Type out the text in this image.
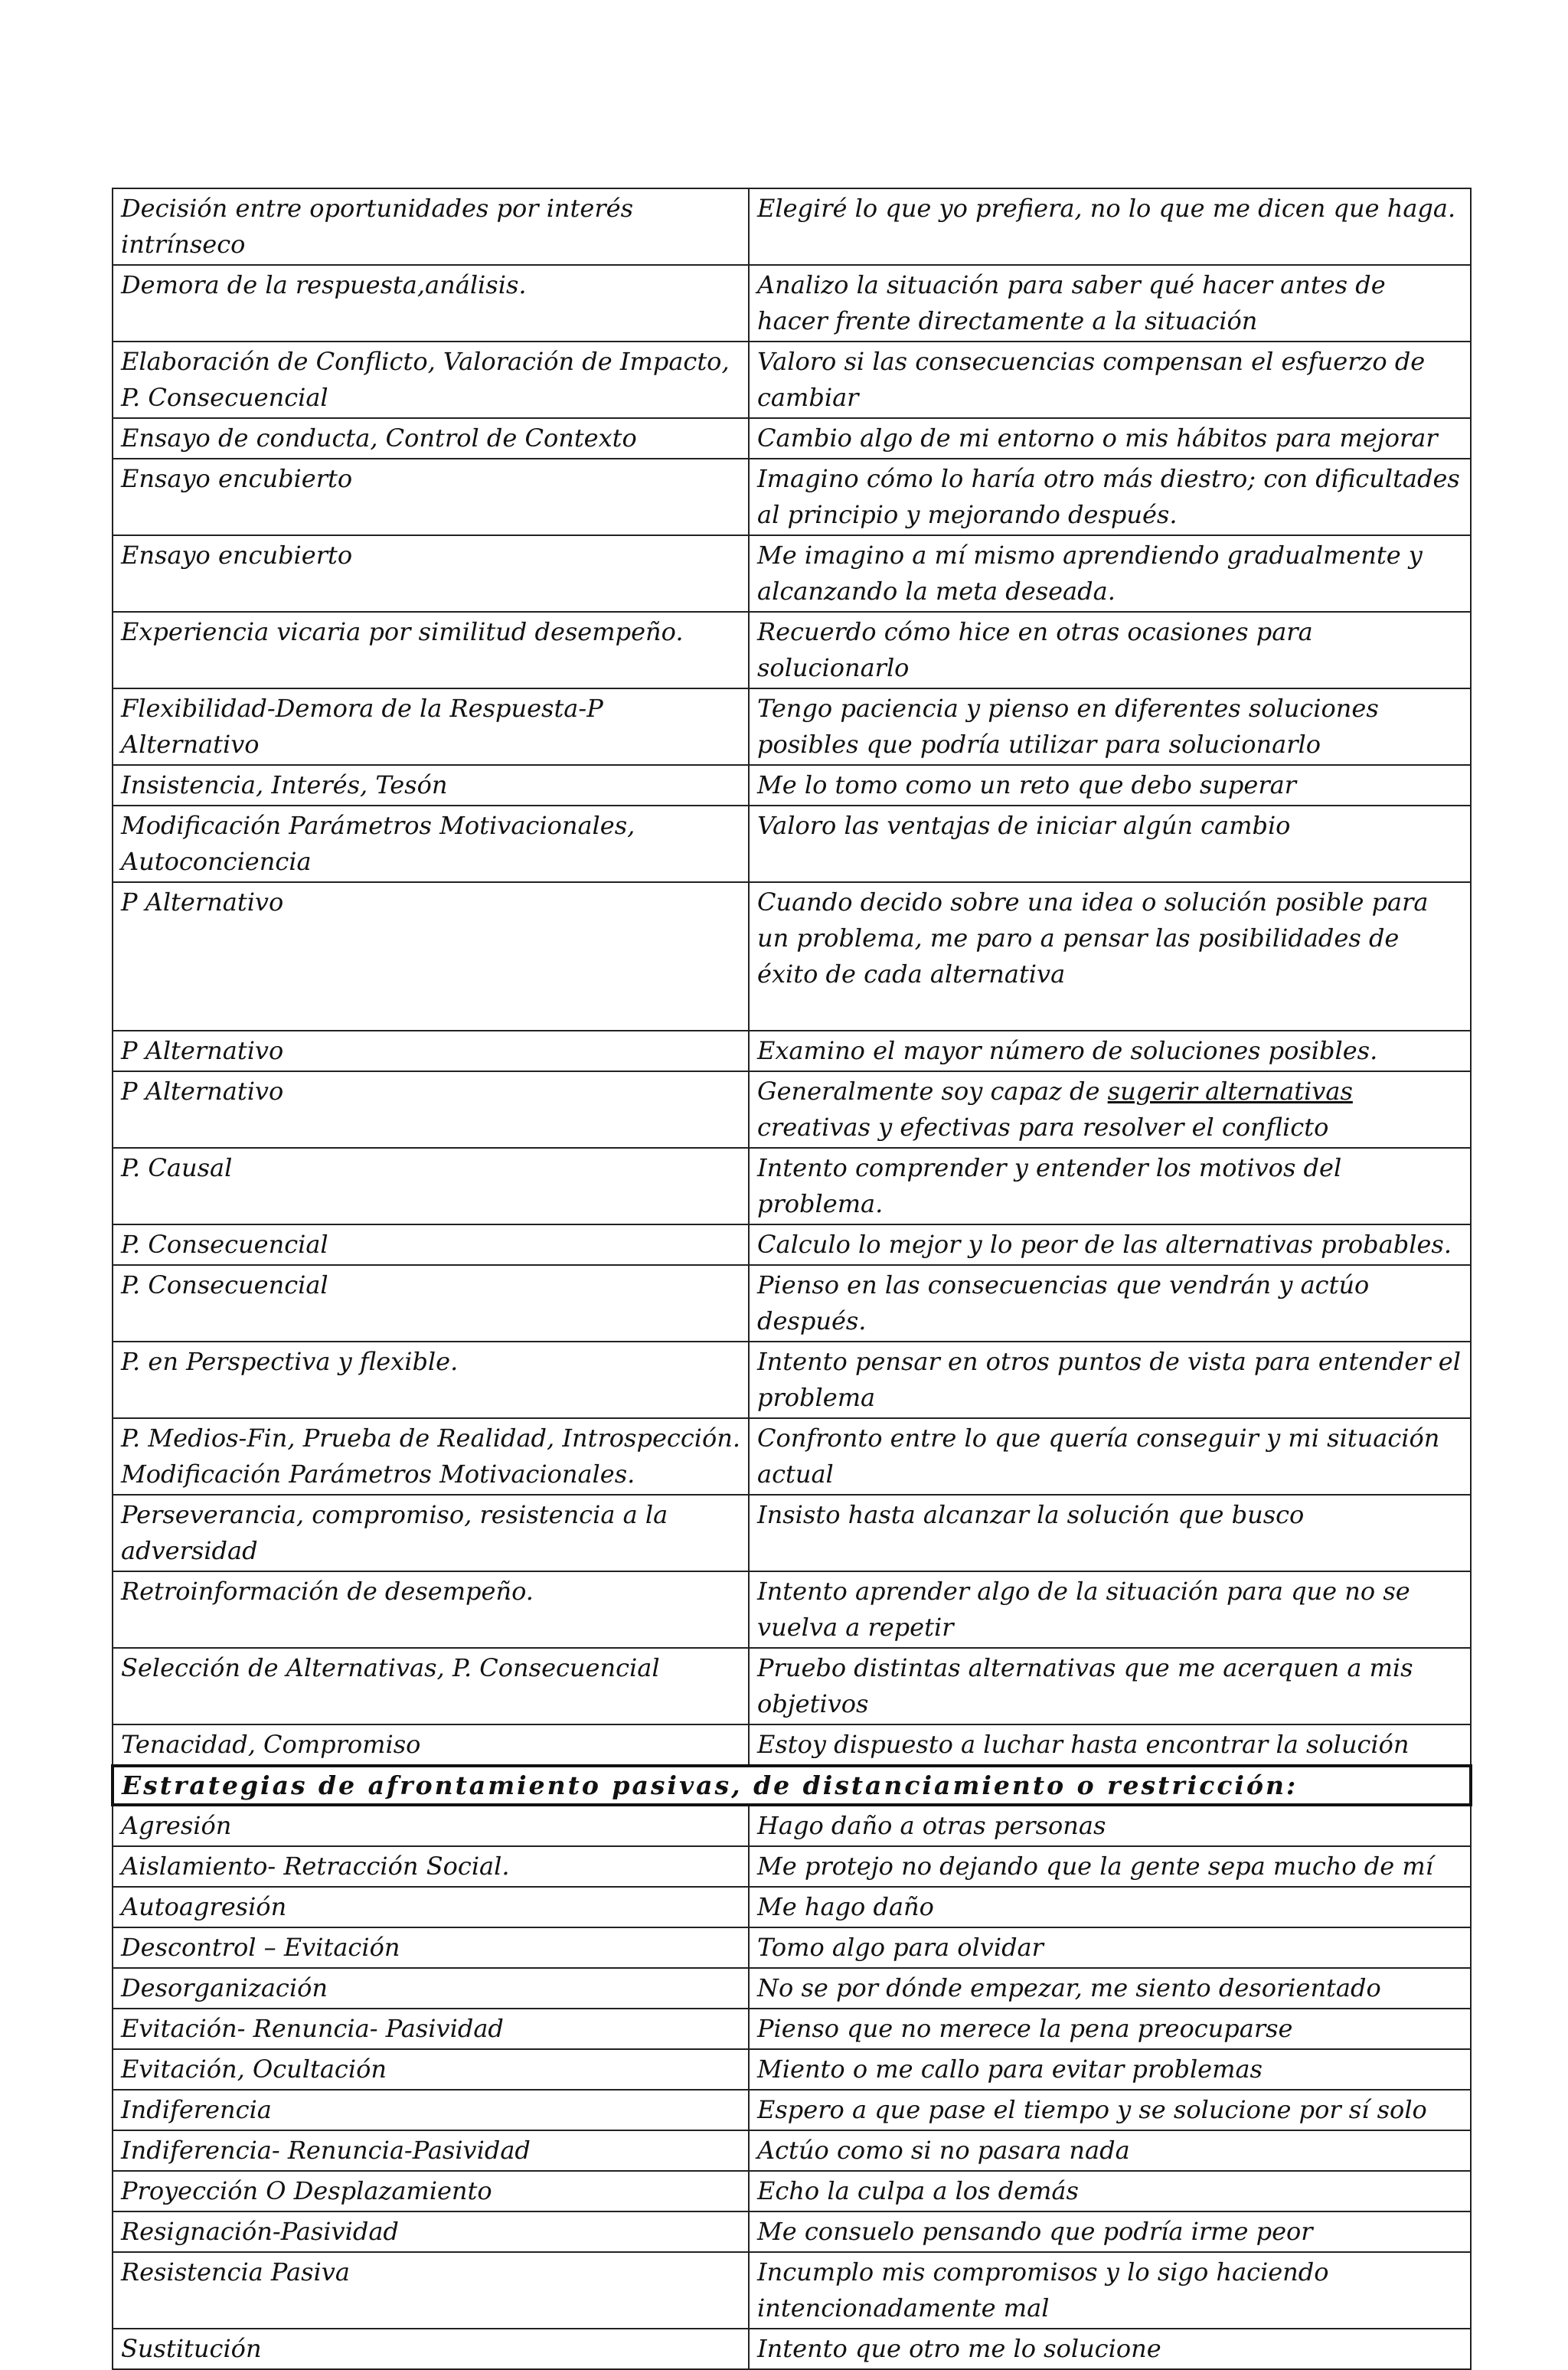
Decisión entre oportunidades por interés intrínseco	Elegiré lo que yo prefiera, no lo que me dicen que haga.
Demora de la respuesta,análisis.	Analizo la situación para saber qué hacer antes de hacer frente directamente a la situación
Elaboración de Conflicto, Valoración de Impacto, P. Consecuencial	Valoro si las consecuencias compensan el esfuerzo de cambiar
Ensayo de conducta, Control de Contexto	Cambio algo de mi entorno o mis hábitos para mejorar
Ensayo encubierto	Imagino cómo lo haría otro más diestro; con dificultades al principio y mejorando después.
Ensayo encubierto	Me imagino a mí mismo aprendiendo gradualmente y alcanzando la meta deseada.
Experiencia vicaria por similitud desempeño.	Recuerdo cómo hice en otras ocasiones para solucionarlo
Flexibilidad-Demora de la Respuesta-P Alternativo	Tengo paciencia y pienso en diferentes soluciones posibles que podría utilizar para solucionarlo
Insistencia, Interés, Tesón	Me lo tomo como un reto que debo superar
Modificación Parámetros Motivacionales, Autoconciencia	Valoro las ventajas de iniciar algún cambio
P Alternativo	Cuando decido sobre una idea o solución posible para un problema, me paro a pensar las posibilidades de éxito de cada alternativa
P Alternativo	Examino el mayor número de soluciones posibles.
P Alternativo	Generalmente soy capaz de sugerir alternativas creativas y efectivas para resolver el conflicto
P. Causal	Intento comprender y entender los motivos del problema.
P. Consecuencial	Calculo lo mejor y lo peor de las alternativas probables.
P. Consecuencial	Pienso en las consecuencias que vendrán y actúo después.
P. en Perspectiva y flexible.	Intento pensar en otros puntos de vista para entender el problema
P. Medios-Fin, Prueba de Realidad, Introspección. Modificación Parámetros Motivacionales.	Confronto entre lo que quería conseguir y mi situación actual
Perseverancia, compromiso, resistencia a la adversidad	Insisto hasta alcanzar la solución que busco
Retroinformación de desempeño.	Intento aprender algo de la situación para que no se vuelva a repetir
Selección de Alternativas, P. Consecuencial	Pruebo distintas alternativas que me acerquen a mis objetivos
Tenacidad, Compromiso	Estoy dispuesto a luchar hasta encontrar la solución
Estrategias de afrontamiento pasivas, de distanciamiento o restricción:	
Agresión	Hago daño a otras personas
Aislamiento- Retracción Social.	Me protejo no dejando que la gente sepa mucho de mí
Autoagresión	Me hago daño
Descontrol – Evitación	Tomo algo para olvidar
Desorganización	No se por dónde empezar, me siento desorientado
Evitación- Renuncia- Pasividad	Pienso que no merece la pena preocuparse
Evitación, Ocultación	Miento o me callo para evitar problemas
Indiferencia	Espero a que pase el tiempo y se solucione por sí solo
Indiferencia- Renuncia-Pasividad	Actúo como si no pasara nada
Proyección O Desplazamiento	Echo la culpa a los demás
Resignación-Pasividad	Me consuelo pensando que podría irme peor
Resistencia Pasiva	Incumplo mis compromisos y lo sigo haciendo intencionadamente mal
Sustitución	Intento que otro me lo solucione
